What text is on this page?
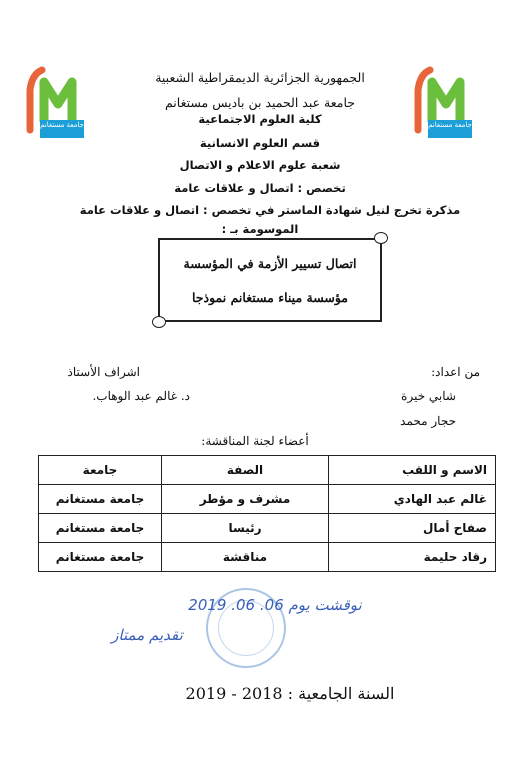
جامعة مستغانم	جامعة مستغانم
الجمهورية الجزائرية الديمقراطية الشعبية
جامعة عبد الحميد بن باديس مستغانم
كلية العلوم الاجتماعية
قسم العلوم الانسانية
شعبة علوم الاعلام و الاتصال
تخصص : اتصال و علاقات عامة
مذكرة تخرج لنيل شهادة الماستر في تخصص : اتصال و علاقات عامة
الموسومة بـ :
اتصال تسيير الأزمة في المؤسسة
مؤسسة ميناء مستغانم نموذجا
من اعداد:
شابي خيرة
حجار محمد
اشراف الأستاذ
د. غالم عبد الوهاب.
أعضاء لجنة المناقشة:
الاسم و اللقب	الصفة	جامعة
غالم عبد الهادي	مشرف و مؤطر	جامعة مستغانم
صفاح أمال	رئيسا	جامعة مستغانم
رقاد حليمة	مناقشة	جامعة مستغانم
نوقشت يوم 06. 06. 2019
تقديم ممتاز
السنة الجامعية : 2018 - 2019
